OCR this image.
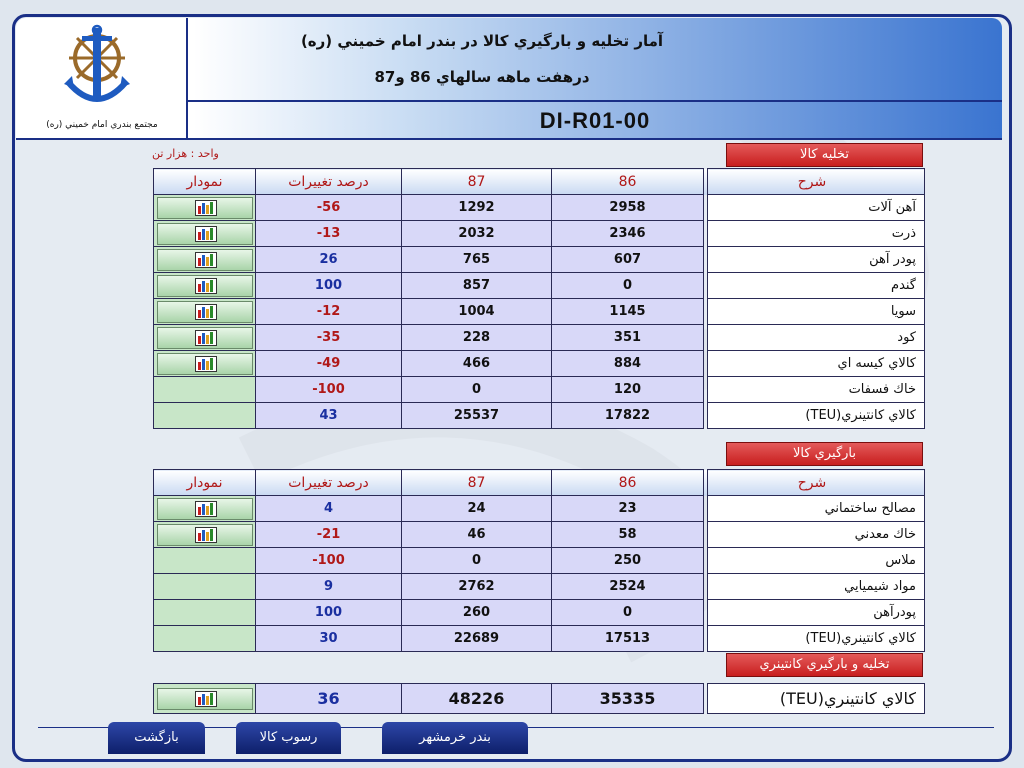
مجتمع بندري امام خميني (ره)
آمار تخليه و بارگيري كالا در بندر امام خميني (ره)
درهفت ماهه سالهاي 86 و87
DI-R01-00
واحد : هزار تن	تخليه كالا
بارگيري كالا
تخليه و بارگيري كانتينري
نمودار	درصد تغييرات	87	86		شرح

	-56	1292	2958		آهن آلات

	-13	2032	2346		ذرت

	26	765	607		پودر آهن

	100	857	0		گندم

	-12	1004	1145		سويا

	-35	228	351		كود

	-49	466	884		كالاي كيسه اي
	-100	0	120		خاك فسفات
	43	25537	17822		كالاي كانتينري(TEU)
نمودار	درصد تغييرات	87	86		شرح

	4	24	23		مصالح ساختماني

	-21	46	58		خاك معدني
	-100	0	250		ملاس
	9	2762	2524		مواد شيميايي
	100	260	0		پودرآهن
	30	22689	17513		كالاي كانتينري(TEU)
	36	48226	35335		كالاي كانتينري(TEU)
بازگشت	رسوب كالا	بندر خرمشهر
